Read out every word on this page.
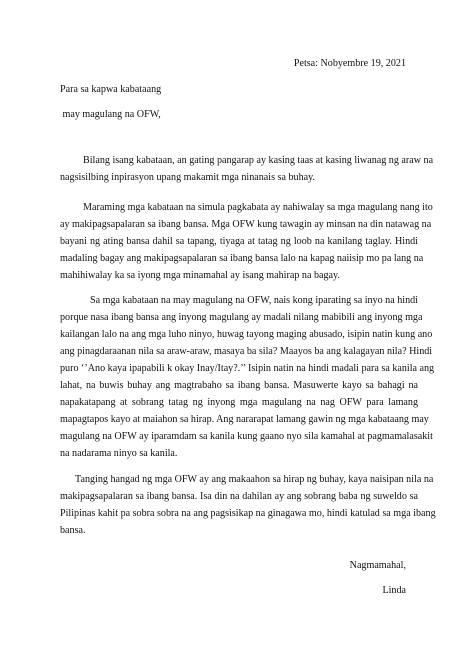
Petsa: Nobyembre 19, 2021
Para sa kapwa kabataang
may magulang na OFW,
Bilang isang kabataan, an gating pangarap ay kasing taas at kasing liwanag ng araw na
nagsisilbing inpirasyon upang makamit mga ninanais sa buhay.
Maraming mga kabataan na simula pagkabata ay nahiwalay sa mga magulang nang ito
ay makipagsapalaran sa ibang bansa. Mga OFW kung tawagin ay minsan na din natawag na
bayani ng ating bansa dahil sa tapang, tiyaga at tatag ng loob na kanilang taglay. Hindi
madaling bagay ang makipagsapalaran sa ibang bansa lalo na kapag naiisip mo pa lang na
mahihiwalay ka sa iyong mga minamahal ay isang mahirap na bagay.
Sa mga kabataan na may magulang na OFW, nais kong iparating sa inyo na hindi
porque nasa ibang bansa ang inyong magulang ay madali nilang mabibili ang inyong mga
kailangan lalo na ang mga luho ninyo, huwag tayong maging abusado, isipin natin kung ano
ang pinagdaraanan nila sa araw-araw, masaya ba sila? Maayos ba ang kalagayan nila? Hindi
puro ‘’Ano kaya ipapabili k okay Inay/Itay?.’’ Isipin natin na hindi madali para sa kanila ang
lahat, na buwis buhay ang magtrabaho sa ibang bansa. Masuwerte kayo sa bahagi na
napakatapang at sobrang tatag ng inyong mga magulang na nag OFW para lamang
mapagtapos kayo at maiahon sa hirap. Ang nararapat lamang gawin ng mga kabataang may
magulang na OFW ay iparamdam sa kanila kung gaano nyo sila kamahal at pagmamalasakit
na nadarama ninyo sa kanila.
Tanging hangad ng mga OFW ay ang makaahon sa hirap ng buhay, kaya naisipan nila na
makipagsapalaran sa ibang bansa. Isa din na dahilan ay ang sobrang baba ng suweldo sa
Pilipinas kahit pa sobra sobra na ang pagsisikap na ginagawa mo, hindi katulad sa mga ibang
bansa.
Nagmamahal,
Linda
